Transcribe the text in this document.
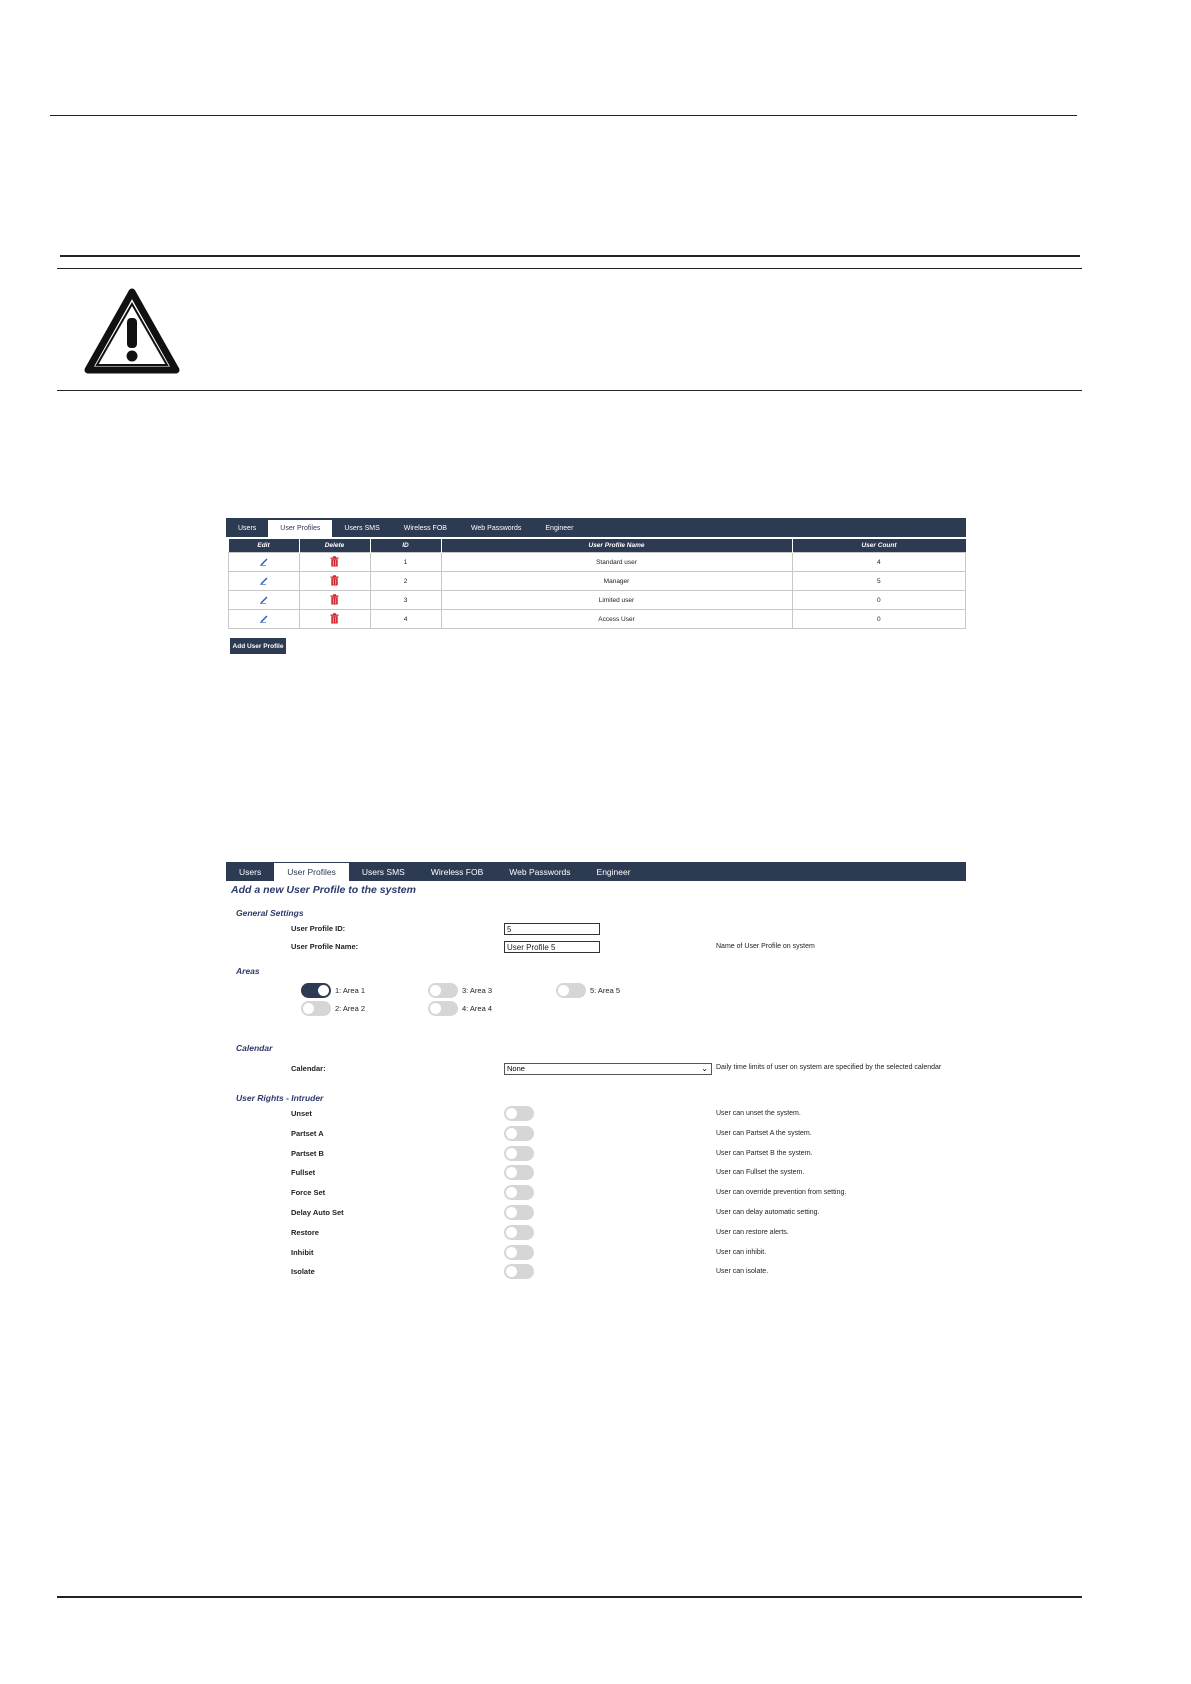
Users	User Profiles	Users SMS	Wireless FOB	Web Passwords	Engineer
Edit	Delete	ID	User Profile Name	User Count
		1	Standard user	4
		2	Manager	5
		3	Limited user	0
		4	Access User	0
Add User Profile
Users	User Profiles	Users SMS	Wireless FOB	Web Passwords	Engineer
Add a new User Profile to the system
General Settings
User Profile ID:	5
User Profile Name:	User Profile 5	Name of User Profile on system
Areas
1: Area 1
2: Area 2
3: Area 3
4: Area 4
5: Area 5
Calendar
Calendar:	None	⌄ Daily time limits of user on system are specified by the selected calendar
User Rights - Intruder
Unset	User can unset the system.
Partset A	User can Partset A the system.
Partset B	User can Partset B the system.
Fullset	User can Fullset the system.
Force Set	User can override prevention from setting.
Delay Auto Set	User can delay automatic setting.
Restore	User can restore alerts.
Inhibit	User can inhibit.
Isolate	User can isolate.
